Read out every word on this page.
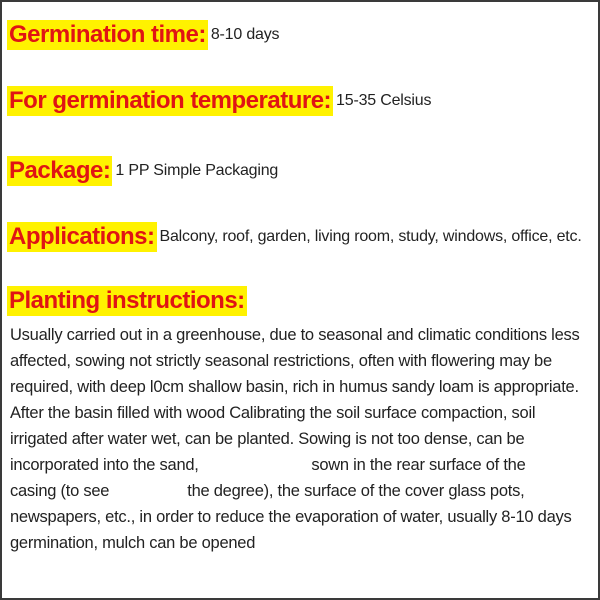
Germination time: 8-10 days
For germination temperature: 15-35 Celsius
Package: 1 PP Simple Packaging
Applications: Balcony, roof, garden, living room, study, windows, office, etc.
Planting instructions:
Usually carried out in a greenhouse, due to seasonal and climatic conditions less
affected, sowing not strictly seasonal restrictions, often with flowering may be
required, with deep l0cm shallow basin, rich in humus sandy loam is appropriate.
After the basin filled with wood Calibrating the soil surface compaction, soil
irrigated after water wet, can be planted. Sowing is not too dense, can be
incorporated into the sand,                          sown in the rear surface of the
casing (to see                  the degree), the surface of the cover glass pots,
newspapers, etc., in order to reduce the evaporation of water, usually 8-10 days
germination, mulch can be opened
